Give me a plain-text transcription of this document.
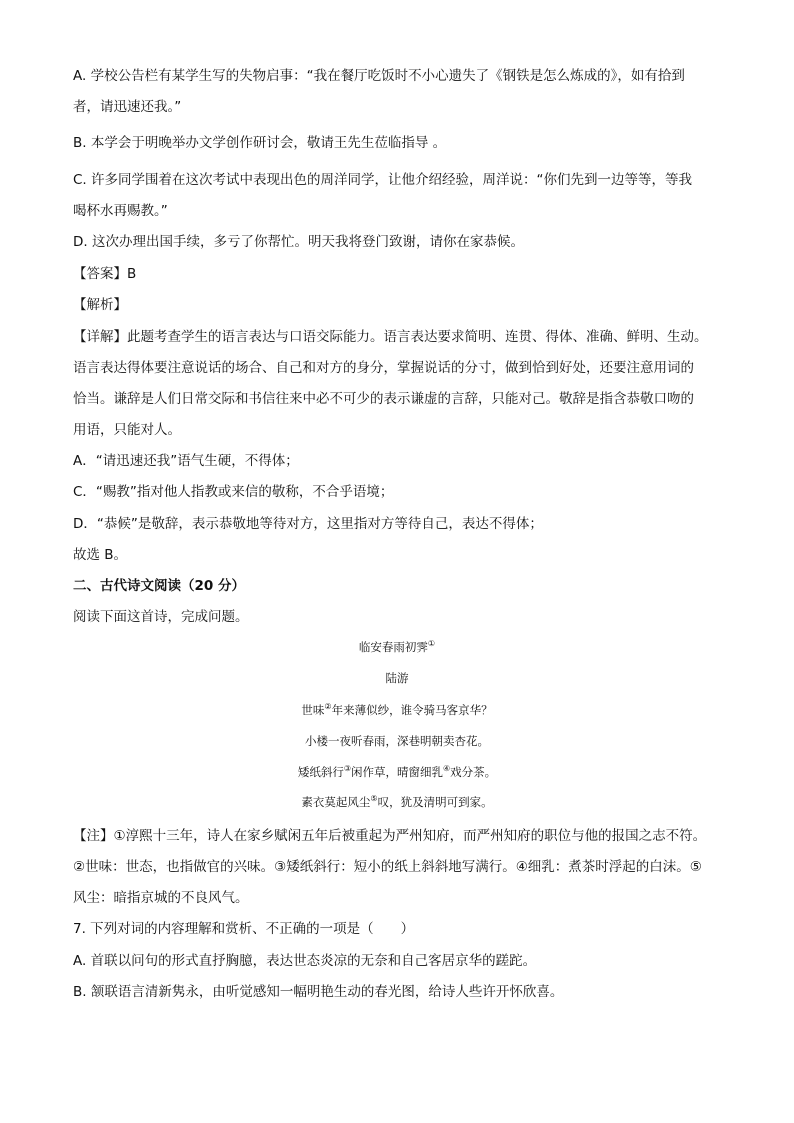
A. 学校公告栏有某学生写的失物启事：“我在餐厅吃饭时不小心遗失了《钢铁是怎么炼成的》，如有拾到
者，请迅速还我。”
B. 本学会于明晚举办文学创作研讨会，敬请王先生莅临指导 。
C. 许多同学围着在这次考试中表现出色的周洋同学，让他介绍经验，周洋说：“你们先到一边等等，等我
喝杯水再赐教。”
D. 这次办理出国手续，多亏了你帮忙。明天我将登门致谢，请你在家恭候。
【答案】B
【解析】
【详解】此题考查学生的语言表达与口语交际能力。语言表达要求简明、连贯、得体、准确、鲜明、生动。
语言表达得体要注意说话的场合、自己和对方的身分，掌握说话的分寸，做到恰到好处，还要注意用词的
恰当。谦辞是人们日常交际和书信往来中必不可少的表示谦虚的言辞，只能对己。敬辞是指含恭敬口吻的
用语，只能对人。
A．“请迅速还我”语气生硬，不得体；
C．“赐教”指对他人指教或来信的敬称，不合乎语境；
D．“恭候”是敬辞，表示恭敬地等待对方，这里指对方等待自己，表达不得体；
故选 B。
二、古代诗文阅读（20 分）
阅读下面这首诗，完成问题。
临安春雨初霁①
陆游
世味②年来薄似纱，谁令骑马客京华？
小楼一夜听春雨，深巷明朝卖杏花。
矮纸斜行③闲作草，晴窗细乳④戏分茶。
素衣莫起风尘⑤叹，犹及清明可到家。
【注】①淳熙十三年，诗人在家乡赋闲五年后被重起为严州知府，而严州知府的职位与他的报国之志不符。
②世味：世态，也指做官的兴味。③矮纸斜行：短小的纸上斜斜地写满行。④细乳：煮茶时浮起的白沫。⑤
风尘：暗指京城的不良风气。
7. 下列对词的内容理解和赏析、不正确的一项是（　　）
A. 首联以问句的形式直抒胸臆，表达世态炎凉的无奈和自己客居京华的蹉跎。
B. 颔联语言清新隽永，由听觉感知一幅明艳生动的春光图，给诗人些许开怀欣喜。
